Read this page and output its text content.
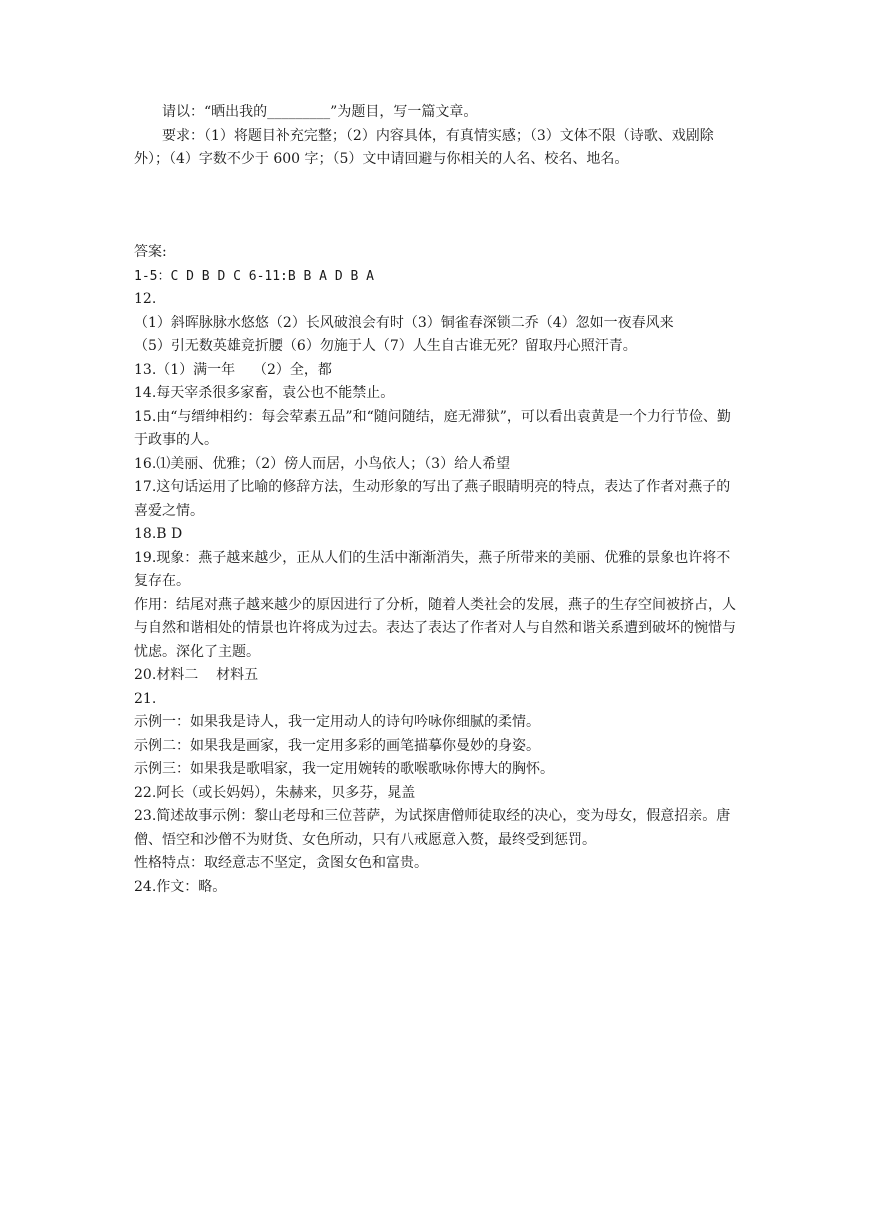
请以：“晒出我的_________”为题目，写一篇文章。

要求：（1）将题目补充完整；（2）内容具体，有真情实感；（3）文体不限（诗歌、戏剧除外）；（4）字数不少于 600 字；（5）文中请回避与你相关的人名、校名、地名。

答案:

1-5：C D B D C 6-11:B B A D B A

12.

（1）斜晖脉脉水悠悠（2）长风破浪会有时（3）铜雀春深锁二乔（4）忽如一夜春风来

（5）引无数英雄竞折腰（6）勿施于人（7）人生自古谁无死？留取丹心照汗青。

13.（1）满一年    （2）全，都

14.每天宰杀很多家畜，袁公也不能禁止。

15.由“与缙绅相约：每会荤素五品”和“随问随结，庭无滞狱”，可以看出袁黄是一个力行节俭、勤于政事的人。

16.⑴美丽、优雅；（2）傍人而居，小鸟依人；（3）给人希望

17.这句话运用了比喻的修辞方法，生动形象的写出了燕子眼睛明亮的特点，表达了作者对燕子的喜爱之情。

18.B D

19.现象：燕子越来越少，正从人们的生活中渐渐消失，燕子所带来的美丽、优雅的景象也许将不复存在。

作用：结尾对燕子越来越少的原因进行了分析，随着人类社会的发展，燕子的生存空间被挤占，人与自然和谐相处的情景也许将成为过去。表达了表达了作者对人与自然和谐关系遭到破坏的惋惜与忧虑。深化了主题。

20.材料二    材料五

21.

示例一：如果我是诗人，我一定用动人的诗句吟咏你细腻的柔情。

示例二：如果我是画家，我一定用多彩的画笔描摹你曼妙的身姿。

示例三：如果我是歌唱家，我一定用婉转的歌喉歌咏你博大的胸怀。

22.阿长（或长妈妈），朱赫来，贝多芬，晁盖

23.简述故事示例：黎山老母和三位菩萨，为试探唐僧师徒取经的决心，变为母女，假意招亲。唐僧、悟空和沙僧不为财货、女色所动，只有八戒愿意入赘，最终受到惩罚。

性格特点：取经意志不坚定，贪图女色和富贵。

24.作文：略。
